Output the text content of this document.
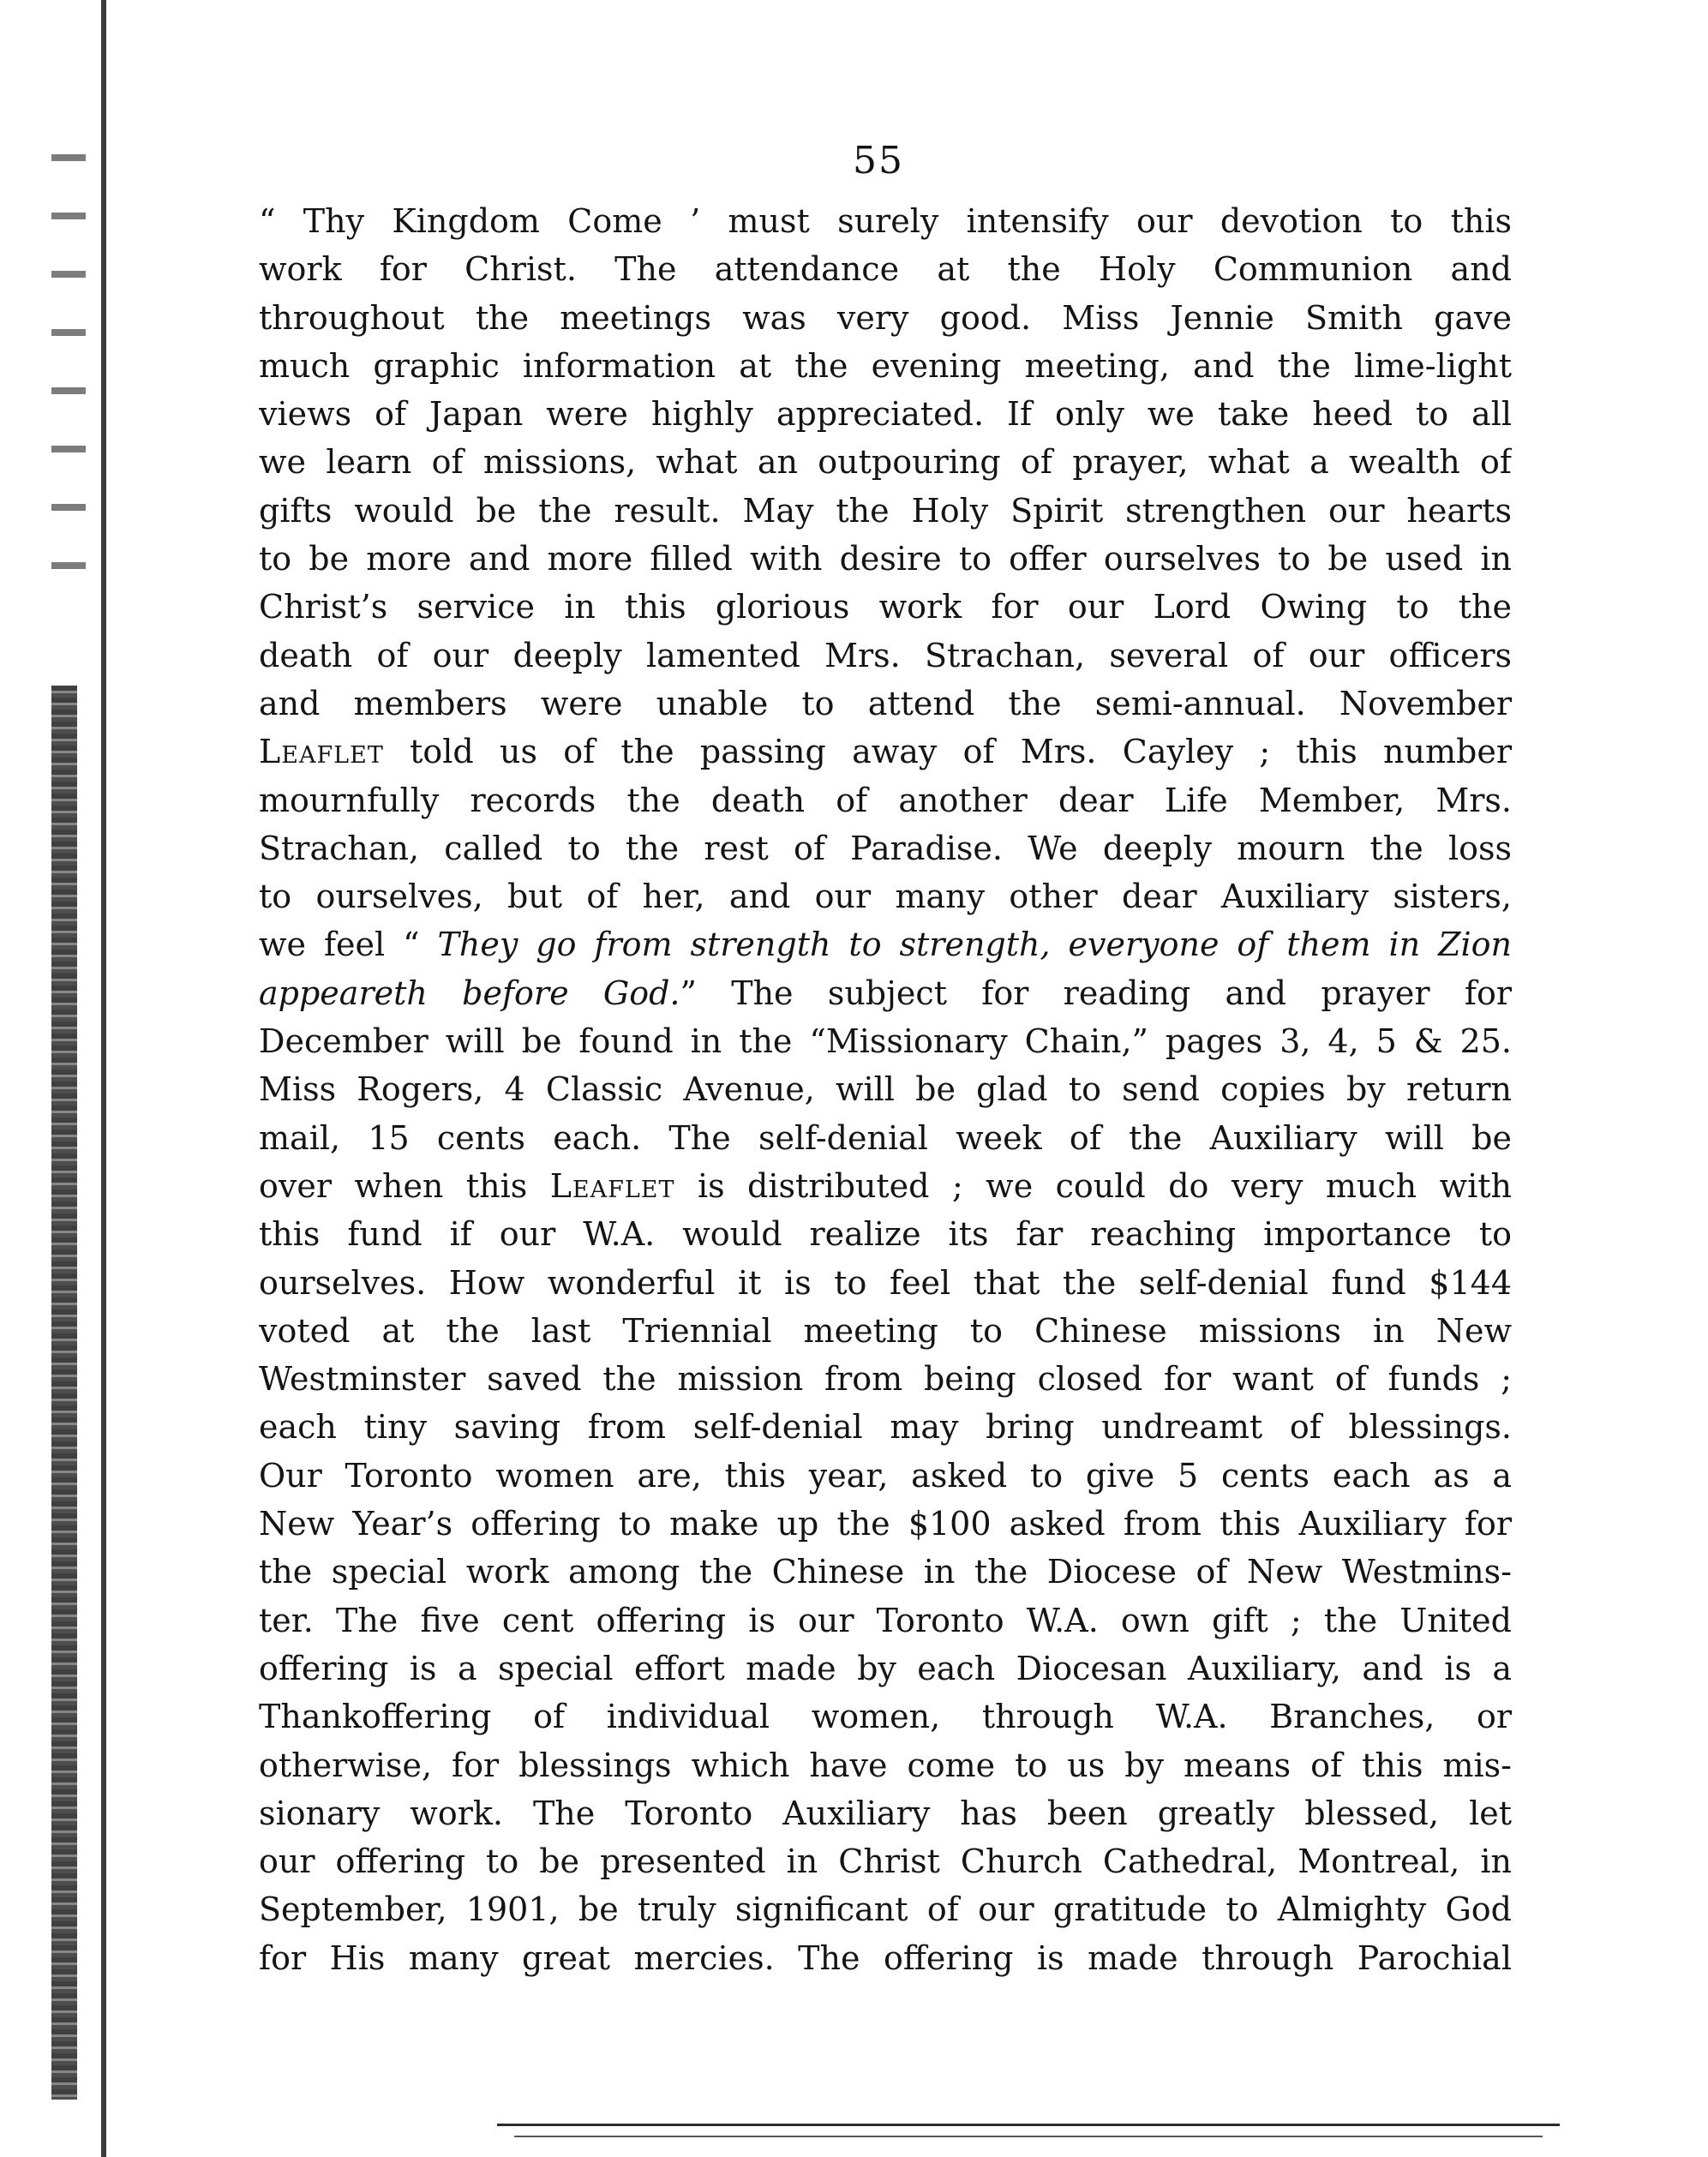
55
“ Thy Kingdom Come ’ must surely intensify our devotion to this
work for Christ. The attendance at the Holy Communion and
throughout the meetings was very good. Miss Jennie Smith gave
much graphic information at the evening meeting, and the lime-light
views of Japan were highly appreciated. If only we take heed to all
we learn of missions, what an outpouring of prayer, what a wealth of
gifts would be the result. May the Holy Spirit strengthen our hearts
to be more and more filled with desire to offer ourselves to be used in
Christ’s service in this glorious work for our Lord Owing to the
death of our deeply lamented Mrs. Strachan, several of our officers
and members were unable to attend the semi-annual. November
Leaflet told us of the passing away of Mrs. Cayley ; this number
mournfully records the death of another dear Life Member, Mrs.
Strachan, called to the rest of Paradise. We deeply mourn the loss
to ourselves, but of her, and our many other dear Auxiliary sisters,
we feel “ They go from strength to strength, everyone of them in Zion
appeareth before God.” The subject for reading and prayer for
December will be found in the “Missionary Chain,” pages 3, 4, 5 & 25.
Miss Rogers, 4 Classic Avenue, will be glad to send copies by return
mail, 15 cents each. The self-denial week of the Auxiliary will be
over when this Leaflet is distributed ; we could do very much with
this fund if our W.A. would realize its far reaching importance to
ourselves. How wonderful it is to feel that the self-denial fund $144
voted at the last Triennial meeting to Chinese missions in New
Westminster saved the mission from being closed for want of funds ;
each tiny saving from self-denial may bring undreamt of blessings.
Our Toronto women are, this year, asked to give 5 cents each as a
New Year’s offering to make up the $100 asked from this Auxiliary for
the special work among the Chinese in the Diocese of New Westmins-
ter. The five cent offering is our Toronto W.A. own gift ; the United
offering is a special effort made by each Diocesan Auxiliary, and is a
Thankoffering of individual women, through W.A. Branches, or
otherwise, for blessings which have come to us by means of this mis-
sionary work. The Toronto Auxiliary has been greatly blessed, let
our offering to be presented in Christ Church Cathedral, Montreal, in
September, 1901, be truly significant of our gratitude to Almighty God
for His many great mercies. The offering is made through Parochial
